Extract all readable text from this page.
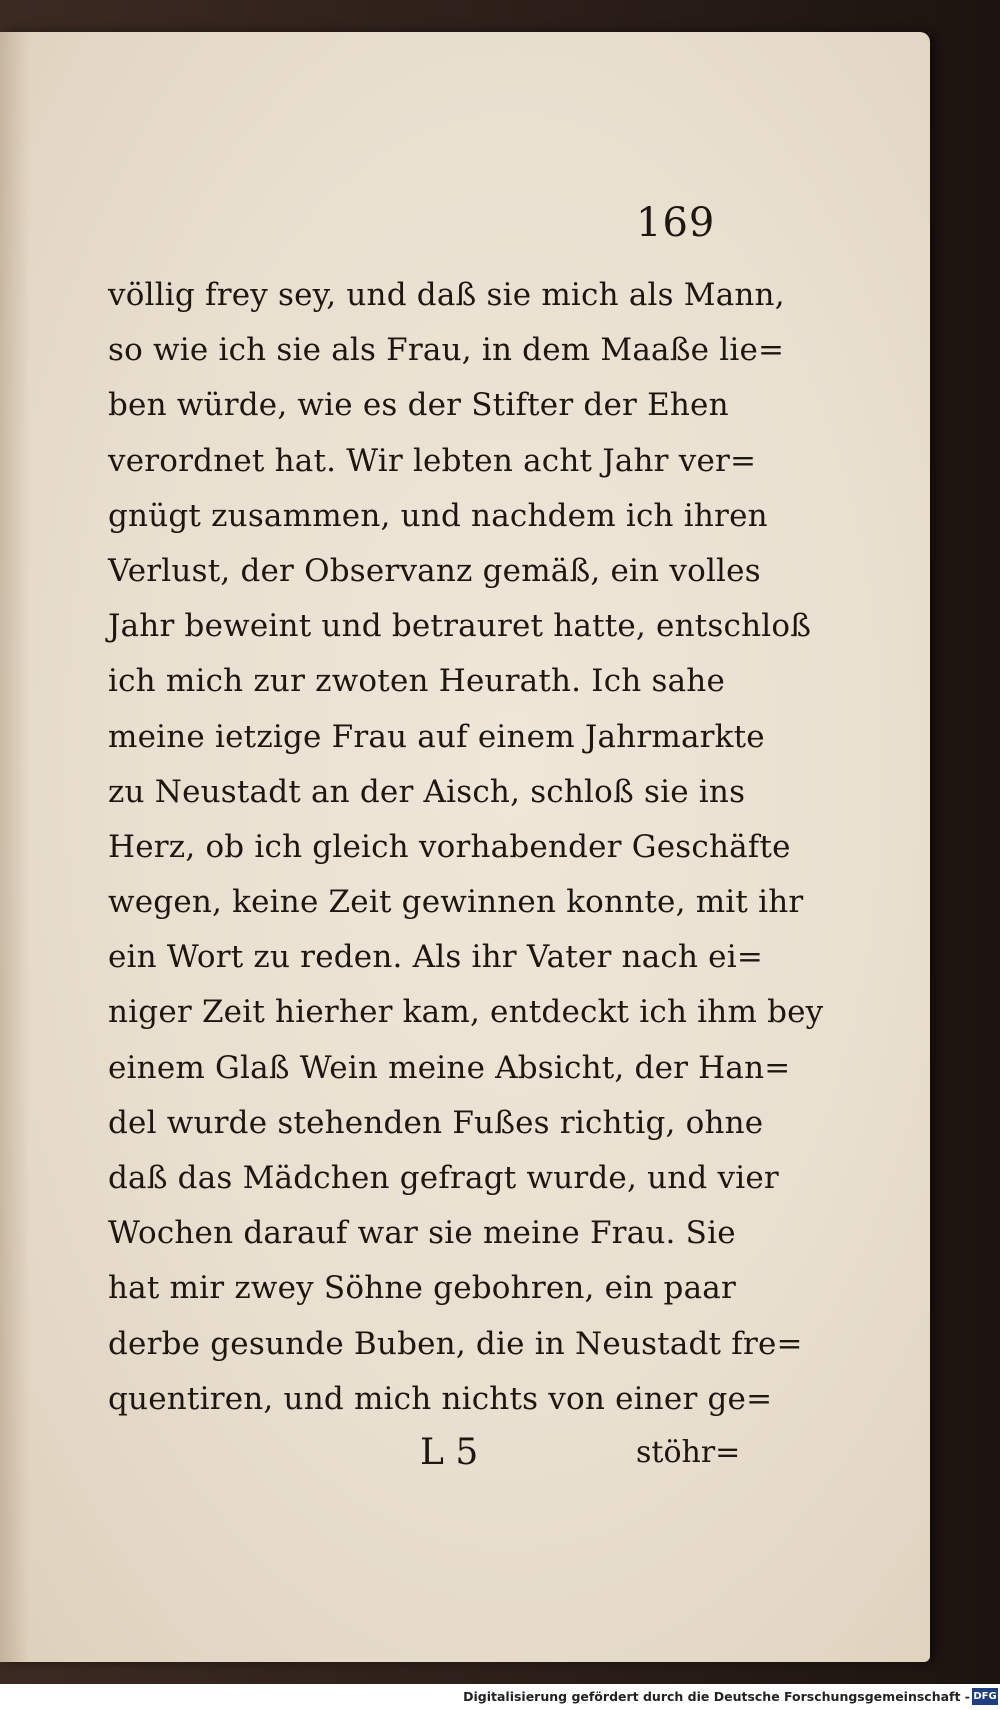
169
völlig frey sey, und daß sie mich als Mann,
so wie ich sie als Frau, in dem Maaße lie=
ben würde, wie es der Stifter der Ehen
verordnet hat. Wir lebten acht Jahr ver=
gnügt zusammen, und nachdem ich ihren
Verlust, der Observanz gemäß, ein volles
Jahr beweint und betrauret hatte, entschloß
ich mich zur zwoten Heurath. Ich sahe
meine ietzige Frau auf einem Jahrmarkte
zu Neustadt an der Aisch, schloß sie ins
Herz, ob ich gleich vorhabender Geschäfte
wegen, keine Zeit gewinnen konnte, mit ihr
ein Wort zu reden. Als ihr Vater nach ei=
niger Zeit hierher kam, entdeckt ich ihm bey
einem Glaß Wein meine Absicht, der Han=
del wurde stehenden Fußes richtig, ohne
daß das Mädchen gefragt wurde, und vier
Wochen darauf war sie meine Frau. Sie
hat mir zwey Söhne gebohren, ein paar
derbe gesunde Buben, die in Neustadt fre=
quentiren, und mich nichts von einer ge=
L 5	stöhr=
Digitalisierung gefördert durch die Deutsche Forschungsgemeinschaft - DFG
